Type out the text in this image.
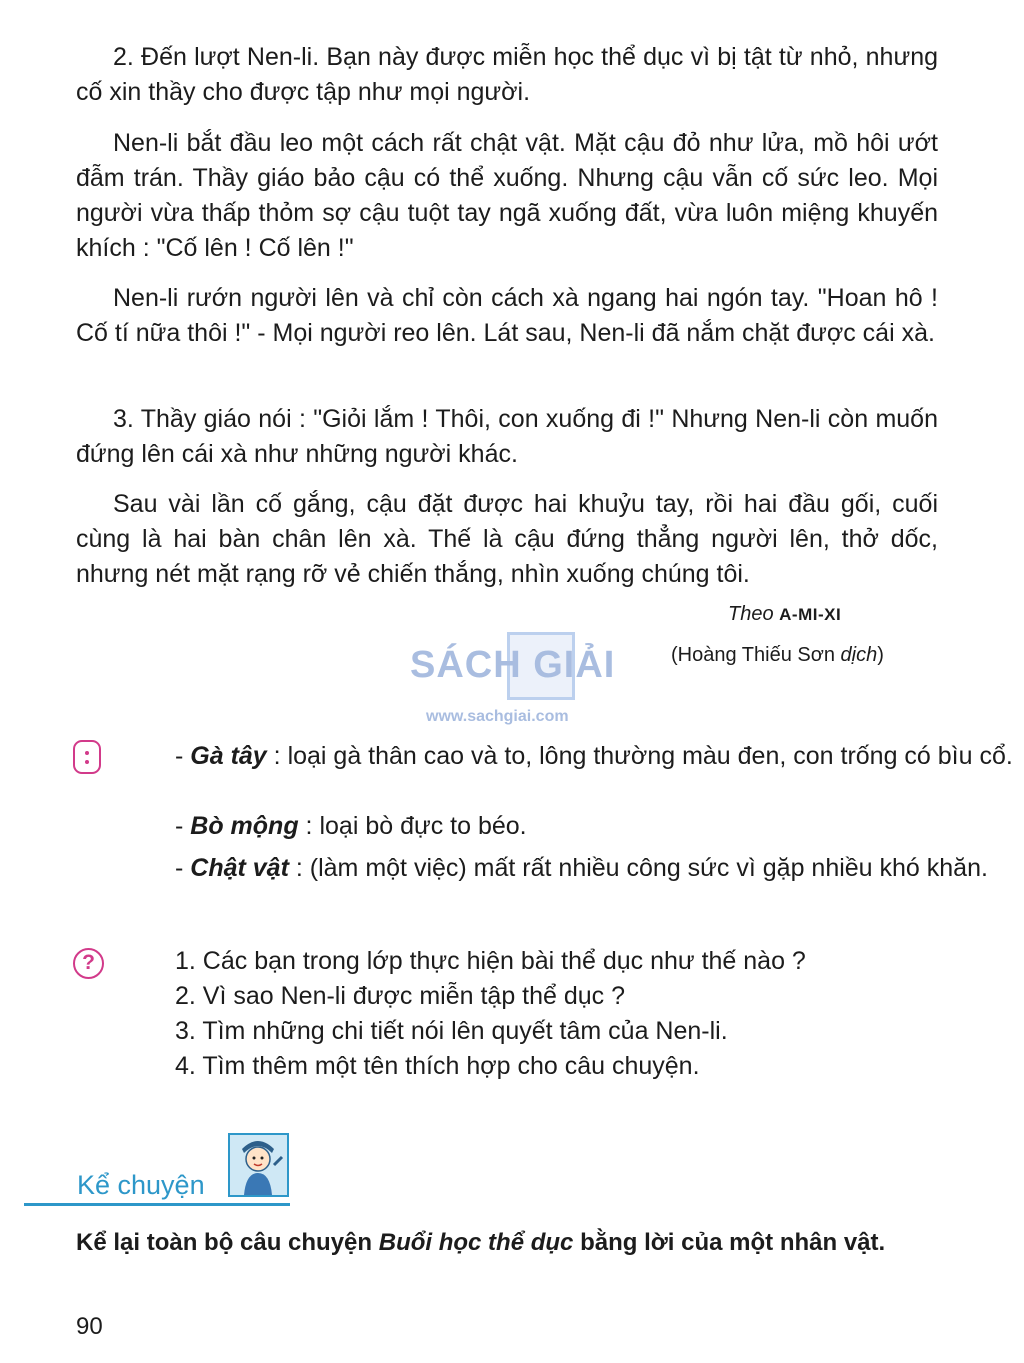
2. Đến lượt Nen-li. Bạn này được miễn học thể dục vì bị tật từ nhỏ, nhưng cố xin thầy cho được tập như mọi người.

Nen-li bắt đầu leo một cách rất chật vật. Mặt cậu đỏ như lửa, mồ hôi ướt đẫm trán. Thầy giáo bảo cậu có thể xuống. Nhưng cậu vẫn cố sức leo. Mọi người vừa thấp thỏm sợ cậu tuột tay ngã xuống đất, vừa luôn miệng khuyến khích : "Cố lên ! Cố lên !"

Nen-li rướn người lên và chỉ còn cách xà ngang hai ngón tay. "Hoan hô ! Cố tí nữa thôi !" - Mọi người reo lên. Lát sau, Nen-li đã nắm chặt được cái xà.

3. Thầy giáo nói : "Giỏi lắm ! Thôi, con xuống đi !" Nhưng Nen-li còn muốn đứng lên cái xà như những người khác.

Sau vài lần cố gắng, cậu đặt được hai khuỷu tay, rồi hai đầu gối, cuối cùng là hai bàn chân lên xà. Thế là cậu đứng thẳng người lên, thở dốc, nhưng nét mặt rạng rỡ vẻ chiến thắng, nhìn xuống chúng tôi.

Theo A-MI-XI
(Hoàng Thiếu Sơn dịch)
SÁCH GIẢI
www.sachgiai.com

- Gà tây : loại gà thân cao và to, lông thường màu đen, con trống có bìu cổ.

- Bò mộng : loại bò đực to béo.

- Chật vật : (làm một việc) mất rất nhiều công sức vì gặp nhiều khó khăn.

?	1. Các bạn trong lớp thực hiện bài thể dục như thế nào ?
2. Vì sao Nen-li được miễn tập thể dục ?
3. Tìm những chi tiết nói lên quyết tâm của Nen-li.
4. Tìm thêm một tên thích hợp cho câu chuyện.
Kể chuyện
Kể lại toàn bộ câu chuyện Buổi học thể dục bằng lời của một nhân vật.
90
